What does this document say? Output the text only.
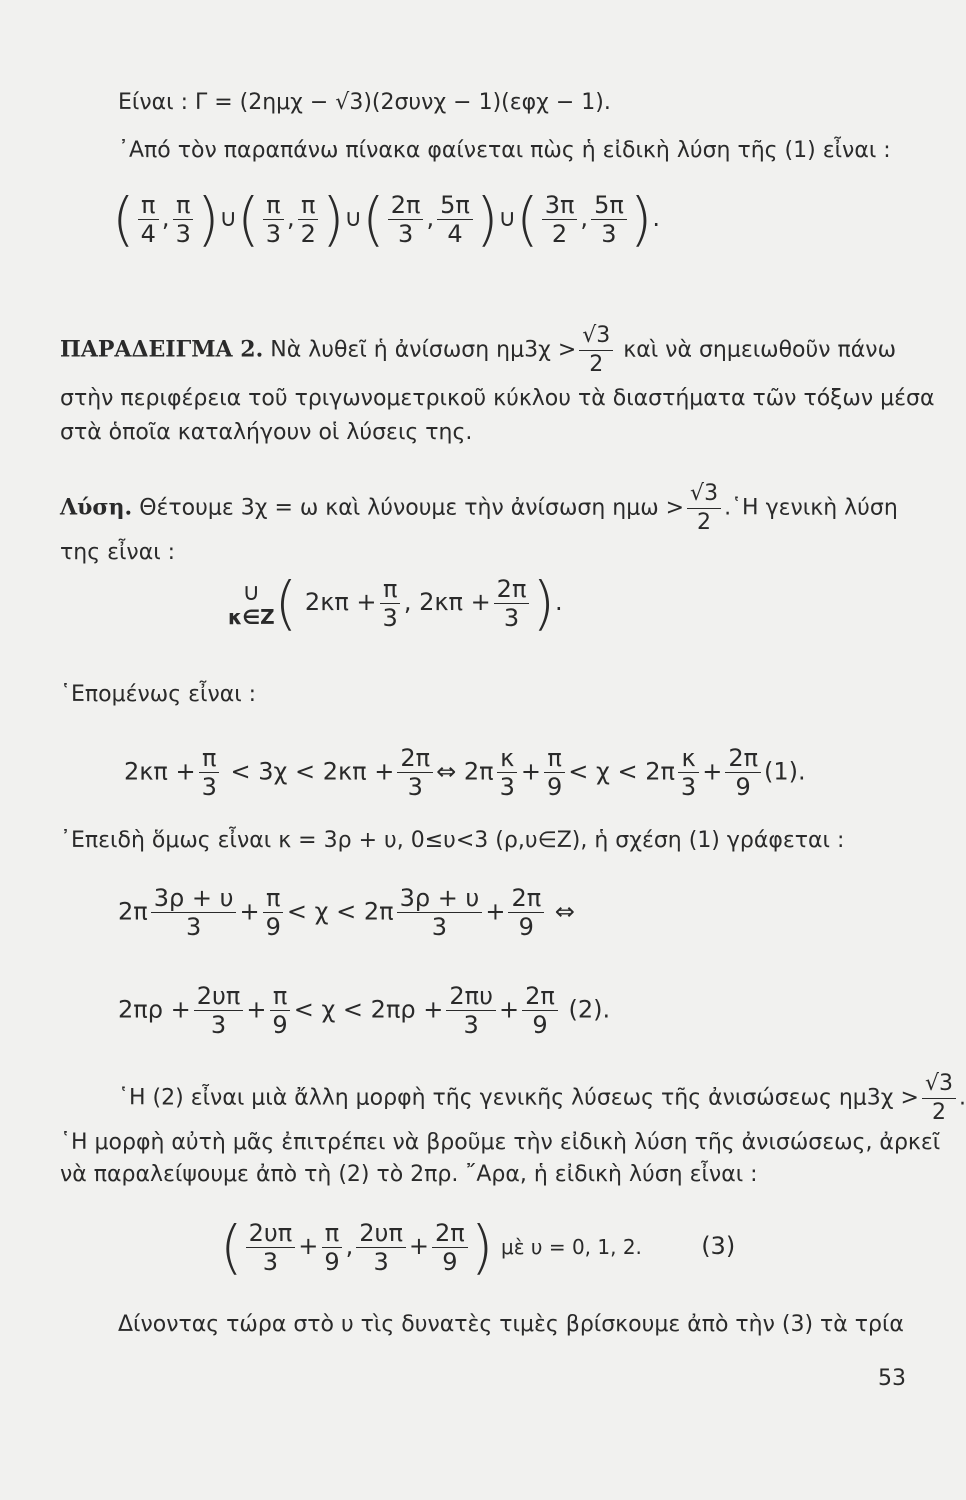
Είναι : Γ = (2ημχ − √3)(2συνχ − 1)(εφχ − 1).
᾿Από τὸν παραπάνω πίνακα φαίνεται πὼς ἡ εἰδικὴ λύση τῆς (1) εἶναι :
( $\frac{\pi}{4}$ , $\frac{\pi}{3}$ )∪( $\frac{\pi}{3}$ , $\frac{\pi}{2}$ )∪( $\frac{2\pi}{3}$ , $\frac{5\pi}{4}$ )∪( $\frac{3\pi}{2}$ , $\frac{5\pi}{3}$ ).
ΠΑΡΑΔΕΙΓΜΑ 2. Νὰ λυθεῖ ἡ ἀνίσωση $\eta\mu 3\chi > \frac{√3}{2}$ καὶ νὰ σημειωθοῦν πάνω
στὴν περιφέρεια τοῦ τριγωνομετρικοῦ κύκλου τὰ διαστήματα τῶν τόξων μέσα
στὰ ὁποῖα καταλήγουν οἱ λύσεις της.
Λύση. Θέτουμε 3χ = ω καὶ λύνουμε τὴν ἀνίσωση $\eta\mu\omega > \frac{√3}{2}$ .῾Η γενικὴ λύση
της εἶναι :
∪
κ∈Ζ ( $2\kappa\pi + \frac{\pi}{3}$ , $2\kappa\pi + \frac{2\pi}{3}$ ).
῾Επομένως εἶναι :
$2\kappa\pi + \frac{\pi}{3} < 3\chi < 2\kappa\pi + \frac{2\pi}{3}$ ⇔ $2\pi \frac{\kappa}{3} + \frac{\pi}{9} < \chi < 2\pi \frac{\kappa}{3} + \frac{2\pi}{9} (1)$.
᾿Επειδὴ ὅμως εἶναι κ = 3ρ + υ, 0≤υ<3 (ρ,υ∈Ζ), ἡ σχέση (1) γράφεται :
$2\pi \frac{3\rho + \upsilon}{3} + \frac{\pi}{9} < \chi < 2\pi \frac{3\rho + \upsilon}{3} + \frac{2\pi}{9}$ ⇔
$2\pi\rho + \frac{2\upsilon\pi}{3} + \frac{\pi}{9} < \chi < 2\pi\rho + \frac{2\pi\upsilon}{3} + \frac{2\pi}{9} (2)$.
῾Η (2) εἶναι μιὰ ἄλλη μορφὴ τῆς γενικῆς λύσεως τῆς ἀνισώσεως $\eta\mu 3\chi > \frac{√3}{2}$ .
῾Η μορφὴ αὐτὴ μᾶς ἐπιτρέπει νὰ βροῦμε τὴν εἰδικὴ λύση τῆς ἀνισώσεως, ἀρκεῖ
νὰ παραλείψουμε ἀπὸ τὴ (2) τὸ 2πρ. ῎Αρα, ἡ εἰδικὴ λύση εἶναι :
( $\frac{2\upsilon\pi}{3} + \frac{\pi}{9}$ , $\frac{2\upsilon\pi}{3} + \frac{2\pi}{9}$ ) μὲ υ = 0, 1, 2. (3)
Δίνοντας τώρα στὸ υ τὶς δυνατὲς τιμὲς βρίσκουμε ἀπὸ τὴν (3) τὰ τρία
53
